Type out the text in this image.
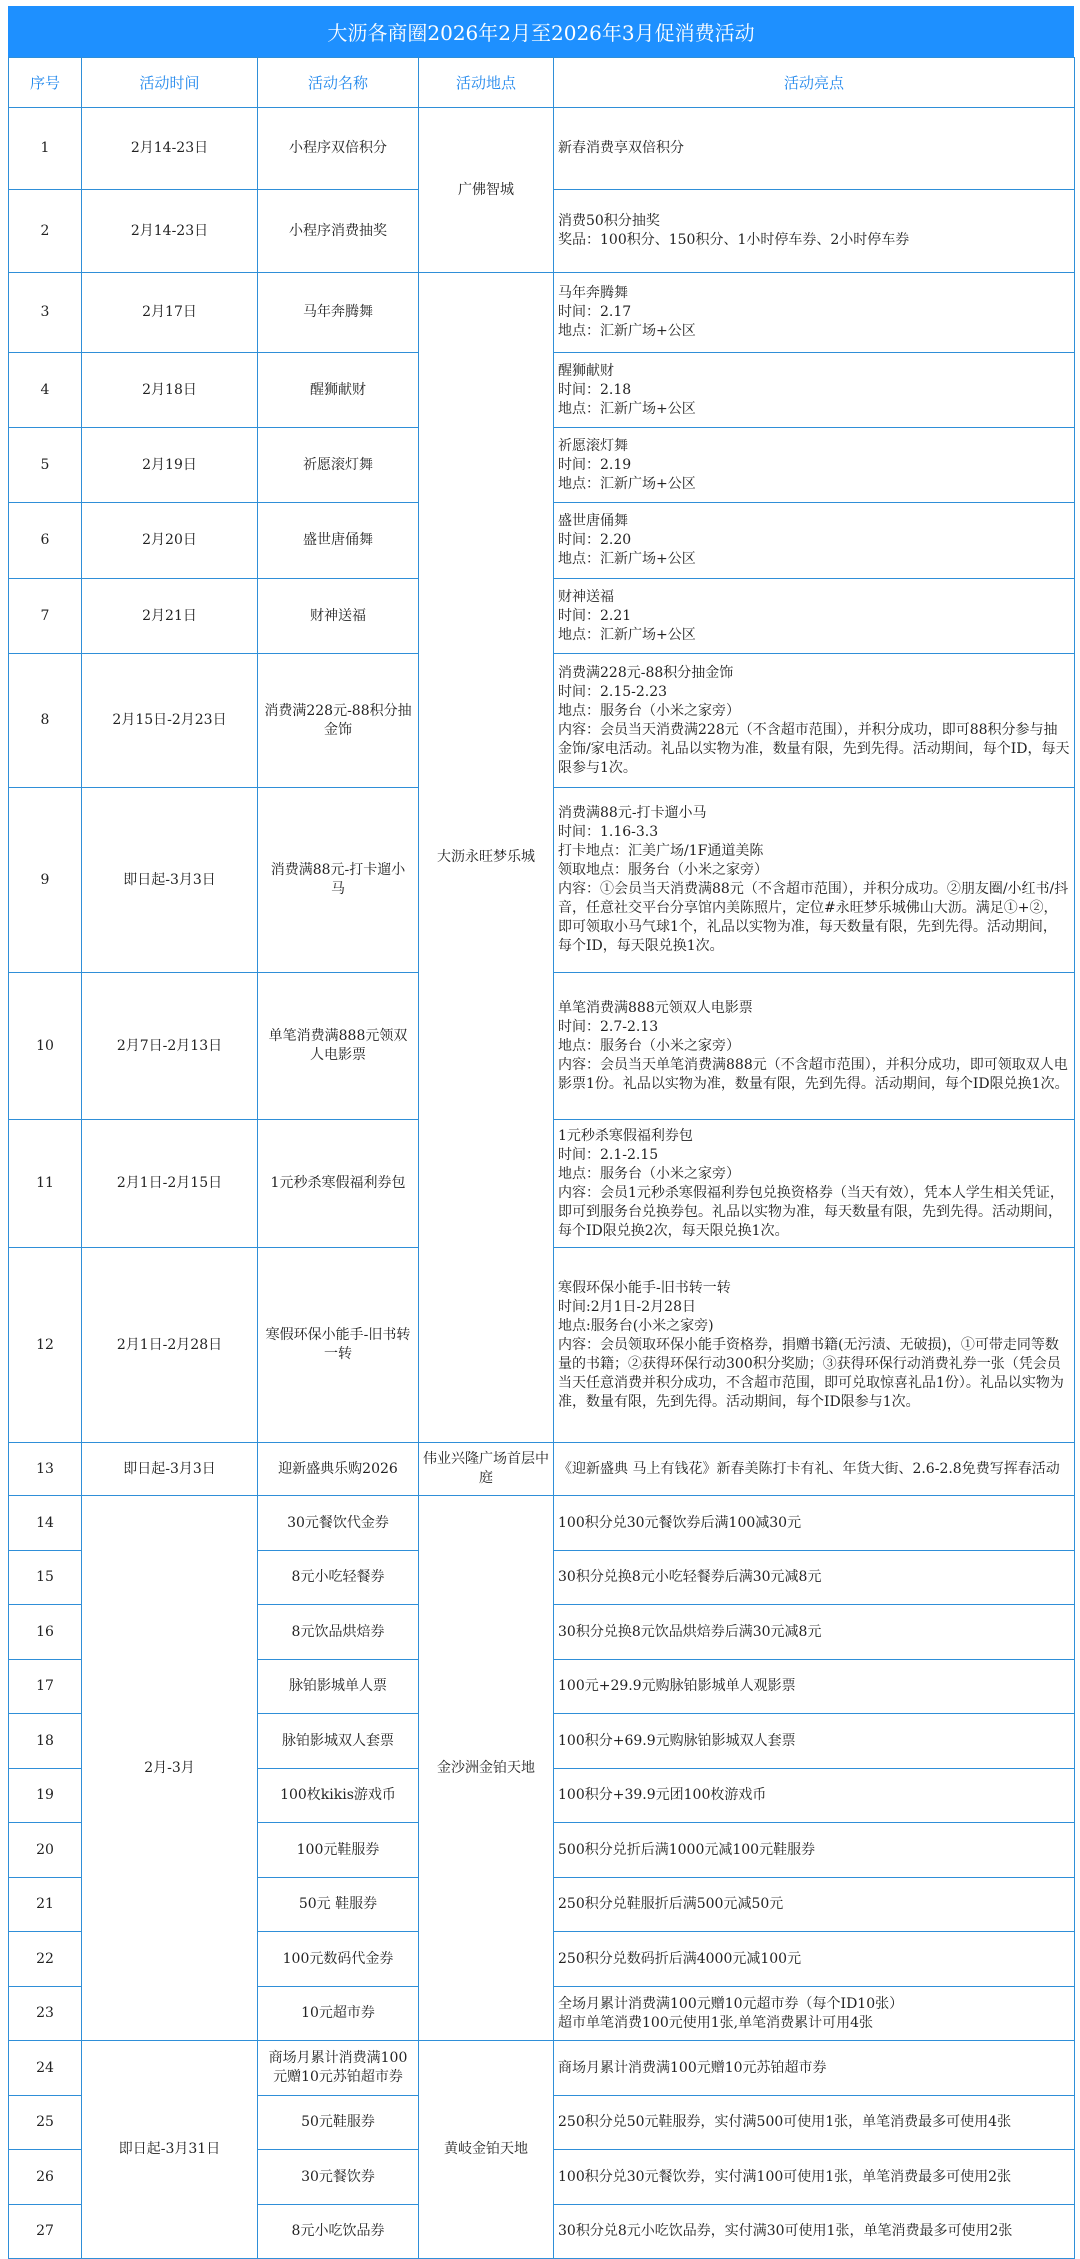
大沥各商圈2026年2月至2026年3月促消费活动
序号	活动时间	活动名称	活动地点	活动亮点
1	2月14-23日	小程序双倍积分	广佛智城	新春消费享双倍积分
2	2月14-23日	小程序消费抽奖		消费50积分抽奖
奖品：100积分、150积分、1小时停车券、2小时停车券
3	2月17日	马年奔腾舞	大沥永旺梦乐城	马年奔腾舞
时间：2.17
地点：汇新广场+公区
4	2月18日	醒狮献财		醒狮献财
时间：2.18
地点：汇新广场+公区
5	2月19日	祈愿滚灯舞		祈愿滚灯舞
时间：2.19
地点：汇新广场+公区
6	2月20日	盛世唐俑舞		盛世唐俑舞
时间：2.20
地点：汇新广场+公区
7	2月21日	财神送福		财神送福
时间：2.21
地点：汇新广场+公区
8	2月15日-2月23日	消费满228元-88积分抽金饰		消费满228元-88积分抽金饰
时间：2.15-2.23
地点：服务台（小米之家旁）
内容：会员当天消费满228元（不含超市范围），并积分成功，即可88积分参与抽金饰/家电活动。礼品以实物为准，数量有限，先到先得。活动期间，每个ID，每天限参与1次。
9	即日起-3月3日	消费满88元-打卡遛小马		消费满88元-打卡遛小马
时间：1.16-3.3
打卡地点：汇美广场/1F通道美陈
领取地点：服务台（小米之家旁）
内容：①会员当天消费满88元（不含超市范围），并积分成功。②朋友圈/小红书/抖音，任意社交平台分享馆内美陈照片，定位#永旺梦乐城佛山大沥。满足①+②，即可领取小马气球1个，礼品以实物为准，每天数量有限，先到先得。活动期间，每个ID，每天限兑换1次。
10	2月7日-2月13日	单笔消费满888元领双人电影票		单笔消费满888元领双人电影票
时间：2.7-2.13
地点：服务台（小米之家旁）
内容：会员当天单笔消费满888元（不含超市范围），并积分成功，即可领取双人电影票1份。礼品以实物为准，数量有限，先到先得。活动期间，每个ID限兑换1次。
11	2月1日-2月15日	1元秒杀寒假福利券包		1元秒杀寒假福利券包
时间：2.1-2.15
地点：服务台（小米之家旁）
内容：会员1元秒杀寒假福利券包兑换资格券（当天有效），凭本人学生相关凭证，即可到服务台兑换券包。礼品以实物为准，每天数量有限，先到先得。活动期间，每个ID限兑换2次，每天限兑换1次。
12	2月1日-2月28日	寒假环保小能手-旧书转一转		寒假环保小能手-旧书转一转
时间:2月1日-2月28日
地点:服务台(小米之家旁)
内容：会员领取环保小能手资格券，捐赠书籍(无污渍、无破损)，①可带走同等数量的书籍；②获得环保行动300积分奖励；③获得环保行动消费礼券一张（凭会员当天任意消费并积分成功，不含超市范围，即可兑取惊喜礼品1份）。礼品以实物为准，数量有限，先到先得。活动期间，每个ID限参与1次。
13	即日起-3月3日	迎新盛典乐购2026	伟业兴隆广场首层中庭	《迎新盛典 马上有钱花》新春美陈打卡有礼、年货大街、2.6-2.8免费写挥春活动
14	2月-3月	30元餐饮代金券	金沙洲金铂天地	100积分兑30元餐饮券后满100减30元
15		8元小吃轻餐券		30积分兑换8元小吃轻餐券后满30元减8元
16		8元饮品烘焙券		30积分兑换8元饮品烘焙券后满30元减8元
17		脉铂影城单人票		100元+29.9元购脉铂影城单人观影票
18		脉铂影城双人套票		100积分+69.9元购脉铂影城双人套票
19		100枚kikis游戏币		100积分+39.9元团100枚游戏币
20		100元鞋服券		500积分兑折后满1000元减100元鞋服券
21		50元 鞋服券		250积分兑鞋服折后满500元减50元
22		100元数码代金券		250积分兑数码折后满4000元减100元
23		10元超市券		全场月累计消费满100元赠10元超市券（每个ID10张）
超市单笔消费100元使用1张,单笔消费累计可用4张
24	即日起-3月31日	商场月累计消费满100元赠10元苏铂超市券	黄岐金铂天地	商场月累计消费满100元赠10元苏铂超市券
25		50元鞋服券		250积分兑50元鞋服券，实付满500可使用1张，单笔消费最多可使用4张
26		30元餐饮券		100积分兑30元餐饮券，实付满100可使用1张，单笔消费最多可使用2张
27		8元小吃饮品券		30积分兑8元小吃饮品券，实付满30可使用1张，单笔消费最多可使用2张
